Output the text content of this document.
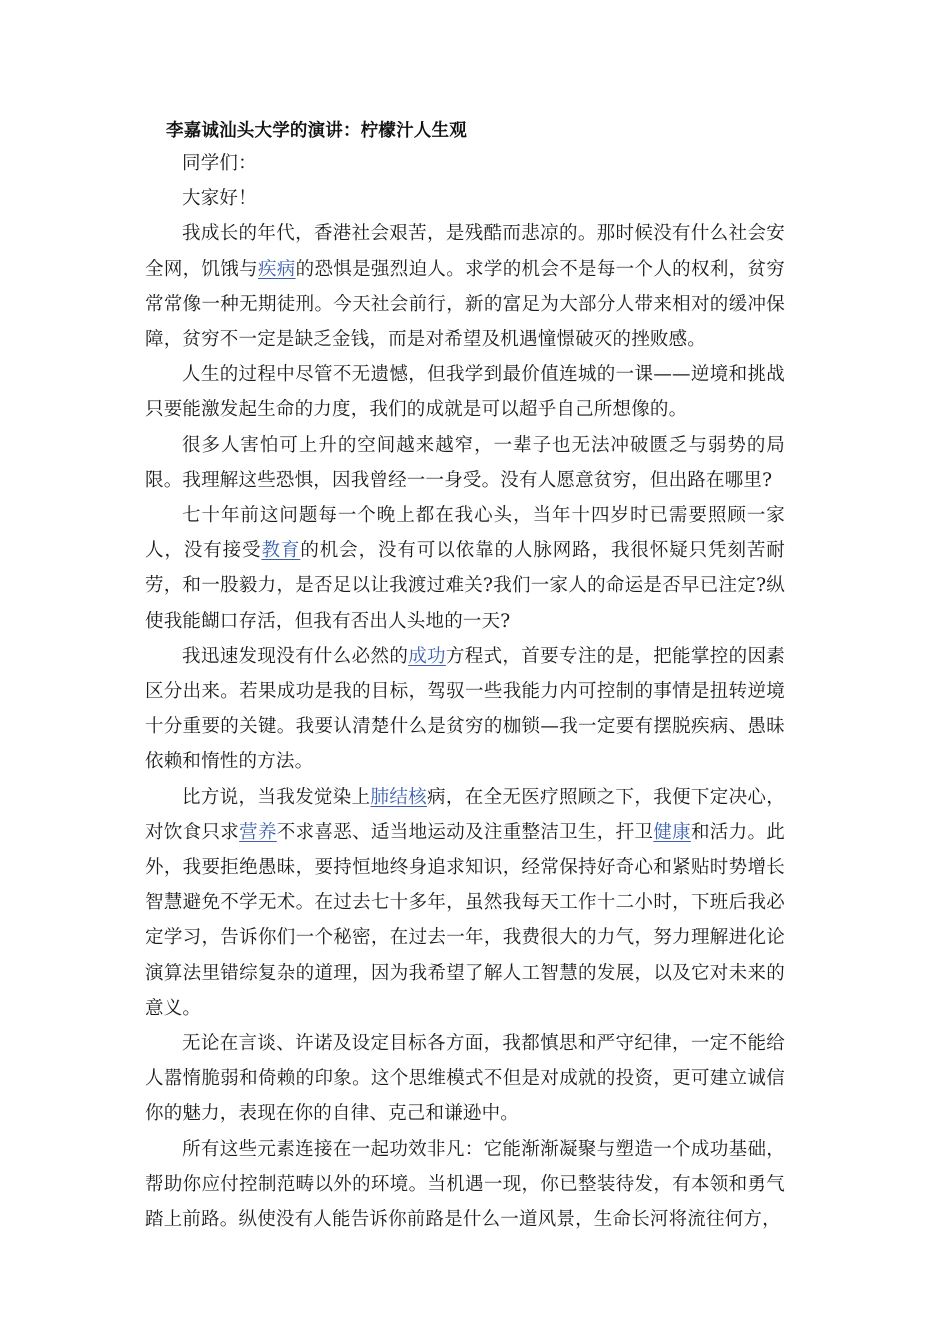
李嘉诚汕头大学的演讲：柠檬汁人生观

同学们：

大家好！

我成长的年代，香港社会艰苦，是残酷而悲凉的。那时候没有什么社会安全网，饥饿与疾病的恐惧是强烈迫人。求学的机会不是每一个人的权利，贫穷常常像一种无期徒刑。今天社会前行，新的富足为大部分人带来相对的缓冲保障，贫穷不一定是缺乏金钱，而是对希望及机遇憧憬破灭的挫败感。

人生的过程中尽管不无遗憾，但我学到最价值连城的一课——逆境和挑战只要能激发起生命的力度，我们的成就是可以超乎自己所想像的。

很多人害怕可上升的空间越来越窄，一辈子也无法冲破匮乏与弱势的局限。我理解这些恐惧，因我曾经一一身受。没有人愿意贫穷，但出路在哪里?

七十年前这问题每一个晚上都在我心头，当年十四岁时已需要照顾一家人，没有接受教育的机会，没有可以依靠的人脉网路，我很怀疑只凭刻苦耐劳，和一股毅力，是否足以让我渡过难关?我们一家人的命运是否早已注定?纵使我能餬口存活，但我有否出人头地的一天?

我迅速发现没有什么必然的成功方程式，首要专注的是，把能掌控的因素区分出来。若果成功是我的目标，驾驭一些我能力内可控制的事情是扭转逆境十分重要的关键。我要认清楚什么是贫穷的枷锁—我一定要有摆脱疾病、愚昧依赖和惰性的方法。

比方说，当我发觉染上肺结核病，在全无医疗照顾之下，我便下定决心，对饮食只求营养不求喜恶、适当地运动及注重整洁卫生，扞卫健康和活力。此外，我要拒绝愚昧，要持恒地终身追求知识，经常保持好奇心和紧贴时势增长智慧避免不学无术。在过去七十多年，虽然我每天工作十二小时，下班后我必定学习，告诉你们一个秘密，在过去一年，我费很大的力气，努力理解进化论演算法里错综复杂的道理，因为我希望了解人工智慧的发展，以及它对未来的意义。

无论在言谈、许诺及设定目标各方面，我都慎思和严守纪律，一定不能给人嚣惰脆弱和倚赖的印象。这个思维模式不但是对成就的投资，更可建立诚信你的魅力，表现在你的自律、克己和谦逊中。

所有这些元素连接在一起功效非凡：它能渐渐凝聚与塑造一个成功基础，帮助你应付控制范畴以外的环境。当机遇一现，你已整装待发，有本领和勇气踏上前路。纵使没有人能告诉你前路是什么一道风景，生命长河将流往何方，
